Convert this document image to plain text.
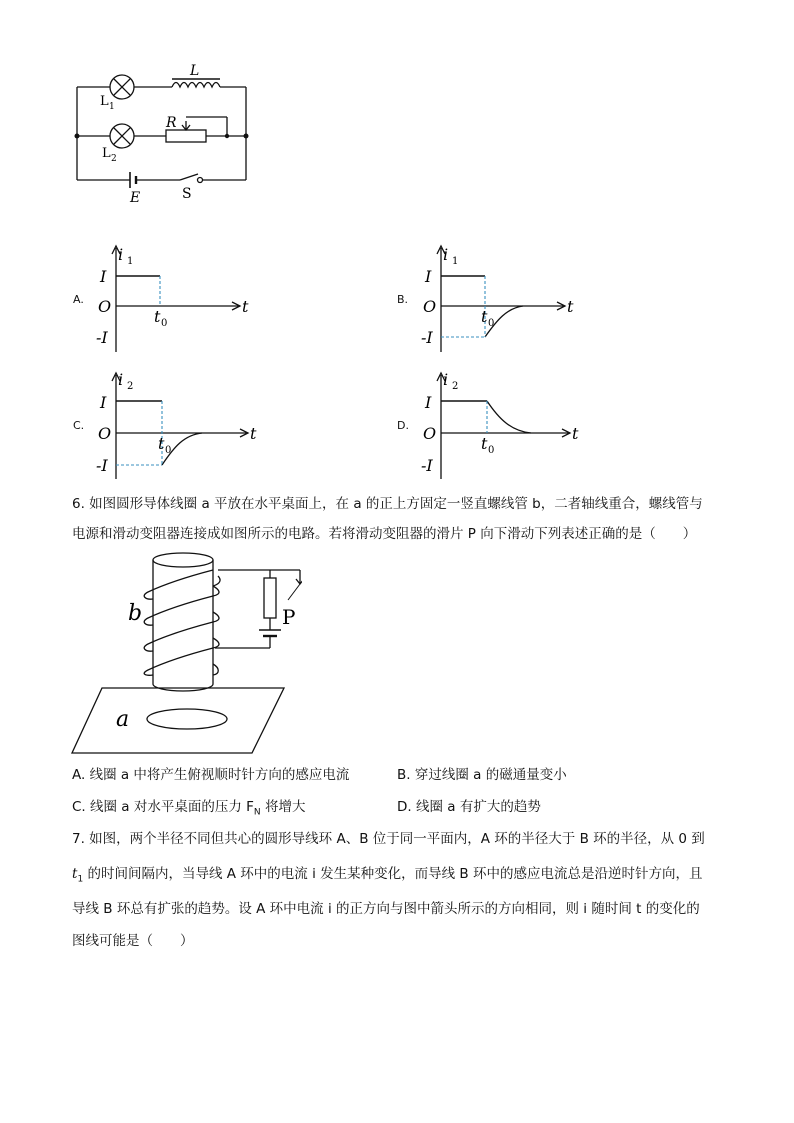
L
L 1
L 2
R
E	S
A.
i 1
I
O
-I
t 0
t	B.
i 1
I
O
-I
t 0
t
C.
i 2
I
O
-I
t 0
t	D.
i 2
I
O
-I
t 0
t
6. 如图圆形导体线圈 a 平放在水平桌面上，在 a 的正上方固定一竖直螺线管 b，二者轴线重合，螺线管与
电源和滑动变阻器连接成如图所示的电路。若将滑动变阻器的滑片 P 向下滑动下列表述正确的是（　　）
b
a
P
A. 线圈 a 中将产生俯视顺时针方向的感应电流	B. 穿过线圈 a 的磁通量变小
C. 线圈 a 对水平桌面的压力 $F_N$ 将增大	D. 线圈 a 有扩大的趋势
7. 如图，两个半径不同但共心的圆形导线环 A、B 位于同一平面内，A 环的半径大于 B 环的半径，从 0 到
$t_1$ 的时间间隔内，当导线 A 环中的电流 i 发生某种变化，而导线 B 环中的感应电流总是沿逆时针方向，且
导线 B 环总有扩张的趋势。设 A 环中电流 i 的正方向与图中箭头所示的方向相同，则 i 随时间 t 的变化的
图线可能是（　　）
